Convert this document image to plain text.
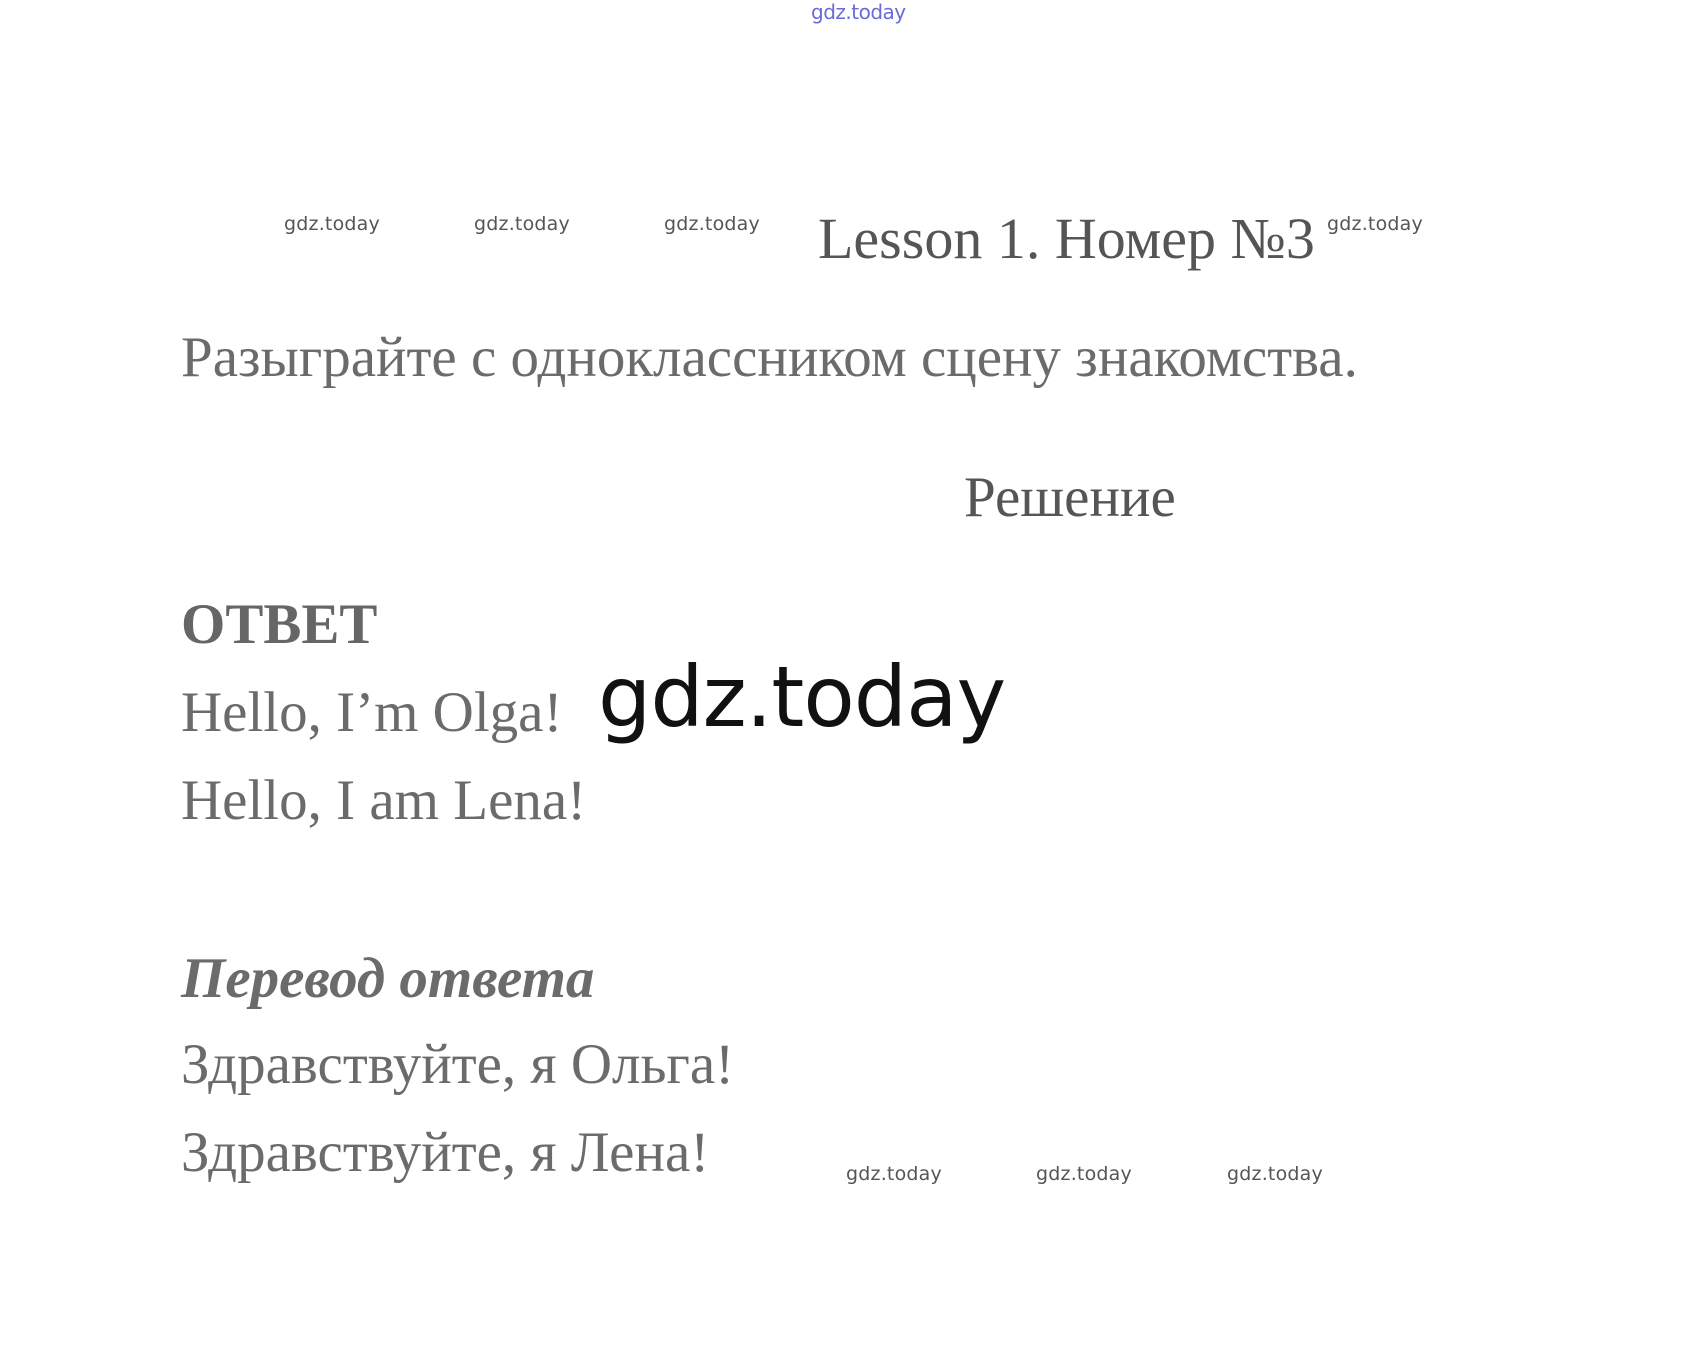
gdz.today
gdz.today	gdz.today	gdz.today Lesson 1. Номер №3 gdz.today
Разыграйте с одноклассником сцену знакомства.
Решение
ОТВЕТ
Hello, I’m Olga!
Hello, I am Lena!
gdz.today
Перевод ответа
Здравствуйте, я Ольга!
Здравствуйте, я Лена!	gdz.today	gdz.today	gdz.today
